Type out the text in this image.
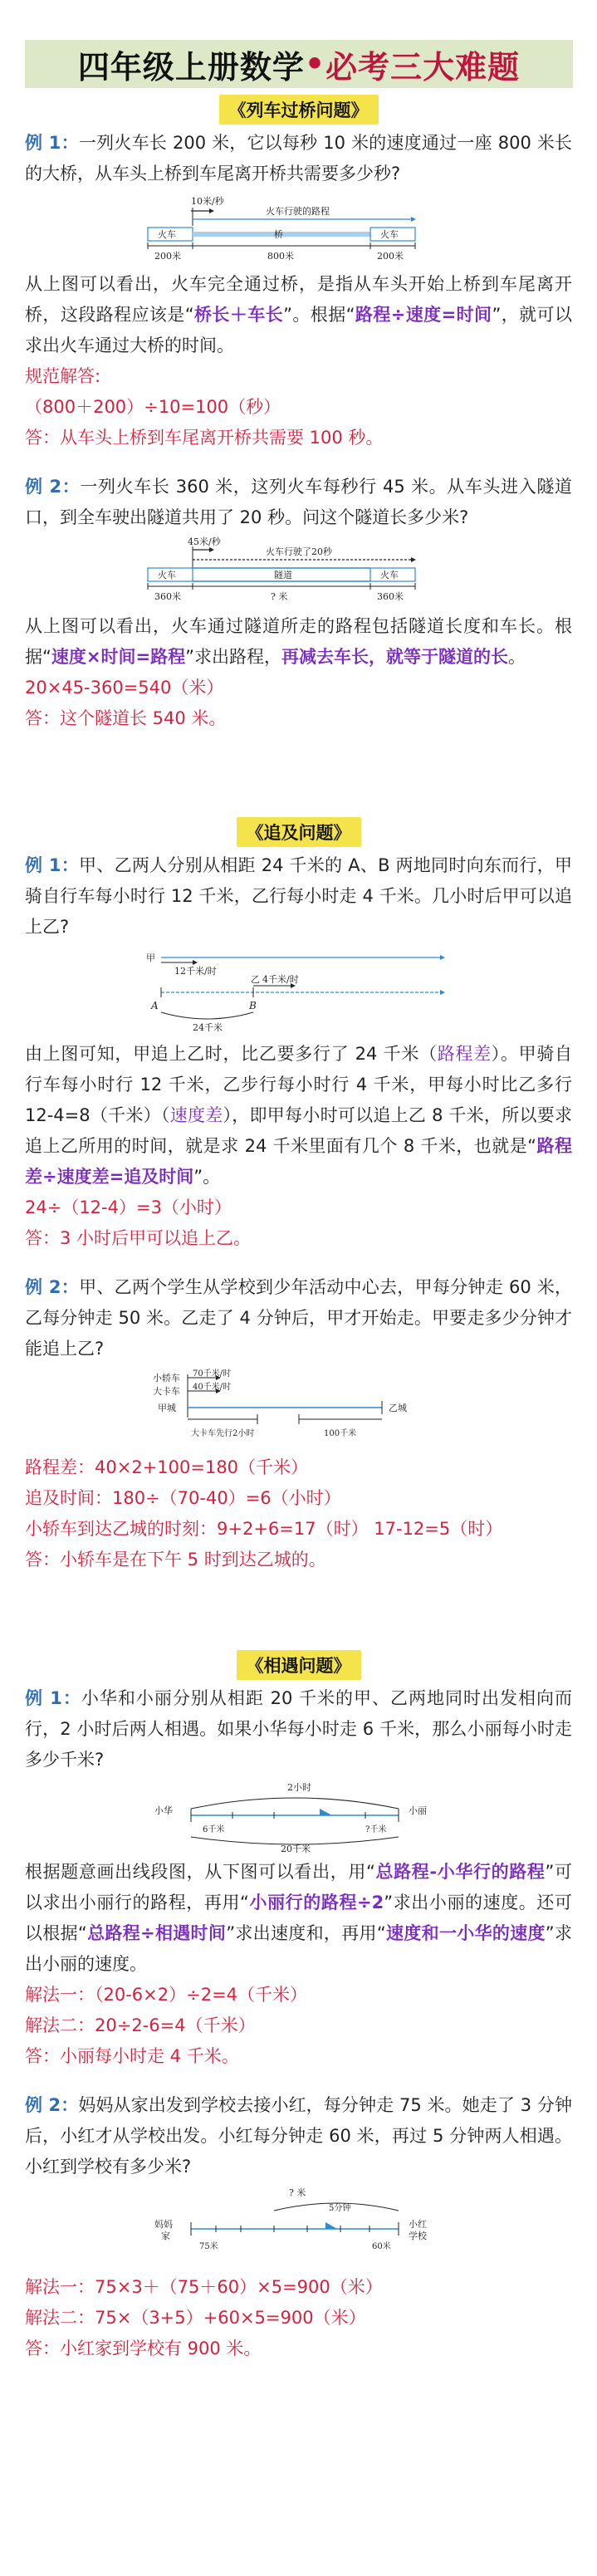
四年级上册数学 • 必考三大难题
《列车过桥问题》
例 1：一列火车长 200 米，它以每秒 10 米的速度通过一座 800 米长的大桥，从车头上桥到车尾离开桥共需要多少秒?
10米/秒
火车行驶的路程
火车	桥	火车
200米	800米	200米
从上图可以看出，火车完全通过桥，是指从车头开始上桥到车尾离开桥，这段路程应该是“桥长＋车长”。根据“路程÷速度=时间”，就可以求出火车通过大桥的时间。
规范解答:
（800＋200）÷10=100（秒）
答：从车头上桥到车尾离开桥共需要 100 秒。
例 2：一列火车长 360 米，这列火车每秒行 45 米。从车头进入隧道口，到全车驶出隧道共用了 20 秒。问这个隧道长多少米?
45米/秒
火车行驶了20秒
火车	隧道	火车
360米	? 米	360米
从上图可以看出，火车通过隧道所走的路程包括隧道长度和车长。根据“速度×时间=路程”求出路程，再减去车长，就等于隧道的长。
20×45-360=540（米）
答：这个隧道长 540 米。
《追及问题》
例 1：甲、乙两人分别从相距 24 千米的 A、B 两地同时向东而行，甲骑自行车每小时行 12 千米，乙行每小时走 4 千米。几小时后甲可以追上乙?
甲
12千米/时
乙 4千米/时
A	B
24千米
由上图可知，甲追上乙时，比乙要多行了 24 千米（路程差）。甲骑自行车每小时行 12 千米，乙步行每小时行 4 千米，甲每小时比乙多行 12-4=8（千米）（速度差），即甲每小时可以追上乙 8 千米，所以要求追上乙所用的时间，就是求 24 千米里面有几个 8 千米，也就是“路程差÷速度差=追及时间”。
24÷（12-4）=3（小时）
答：3 小时后甲可以追上乙。
例 2：甲、乙两个学生从学校到少年活动中心去，甲每分钟走 60 米，乙每分钟走 50 米。乙走了 4 分钟后，甲才开始走。甲要走多少分钟才能追上乙?
小轿车
大卡车
甲城
70千米/时
40千米/时
乙城
大卡车先行2小时	100千米
路程差：40×2+100=180（千米）
追及时间：180÷（70-40）=6（小时）
小轿车到达乙城的时刻：9+2+6=17（时） 17-12=5（时）
答：小轿车是在下午 5 时到达乙城的。
《相遇问题》
例 1：小华和小丽分别从相距 20 千米的甲、乙两地同时出发相向而行，2 小时后两人相遇。如果小华每小时走 6 千米，那么小丽每小时走多少千米?
2小时
小华	小丽
6千米	?千米
20千米
根据题意画出线段图，从下图可以看出，用“总路程-小华行的路程”可以求出小丽行的路程，再用“小丽行的路程÷2”求出小丽的速度。还可以根据“总路程÷相遇时间”求出速度和，再用“速度和一小华的速度”求出小丽的速度。
解法一：（20-6×2）÷2=4（千米）
解法二：20÷2-6=4（千米）
答：小丽每小时走 4 千米。
例 2：妈妈从家出发到学校去接小红，每分钟走 75 米。她走了 3 分钟后，小红才从学校出发。小红每分钟走 60 米，再过 5 分钟两人相遇。小红到学校有多少米?
? 米
5分钟
妈妈
家
小红
学校
75米	60米
解法一：75×3＋（75＋60）×5=900（米）
解法二：75×（3+5）+60×5=900（米）
答：小红家到学校有 900 米。
